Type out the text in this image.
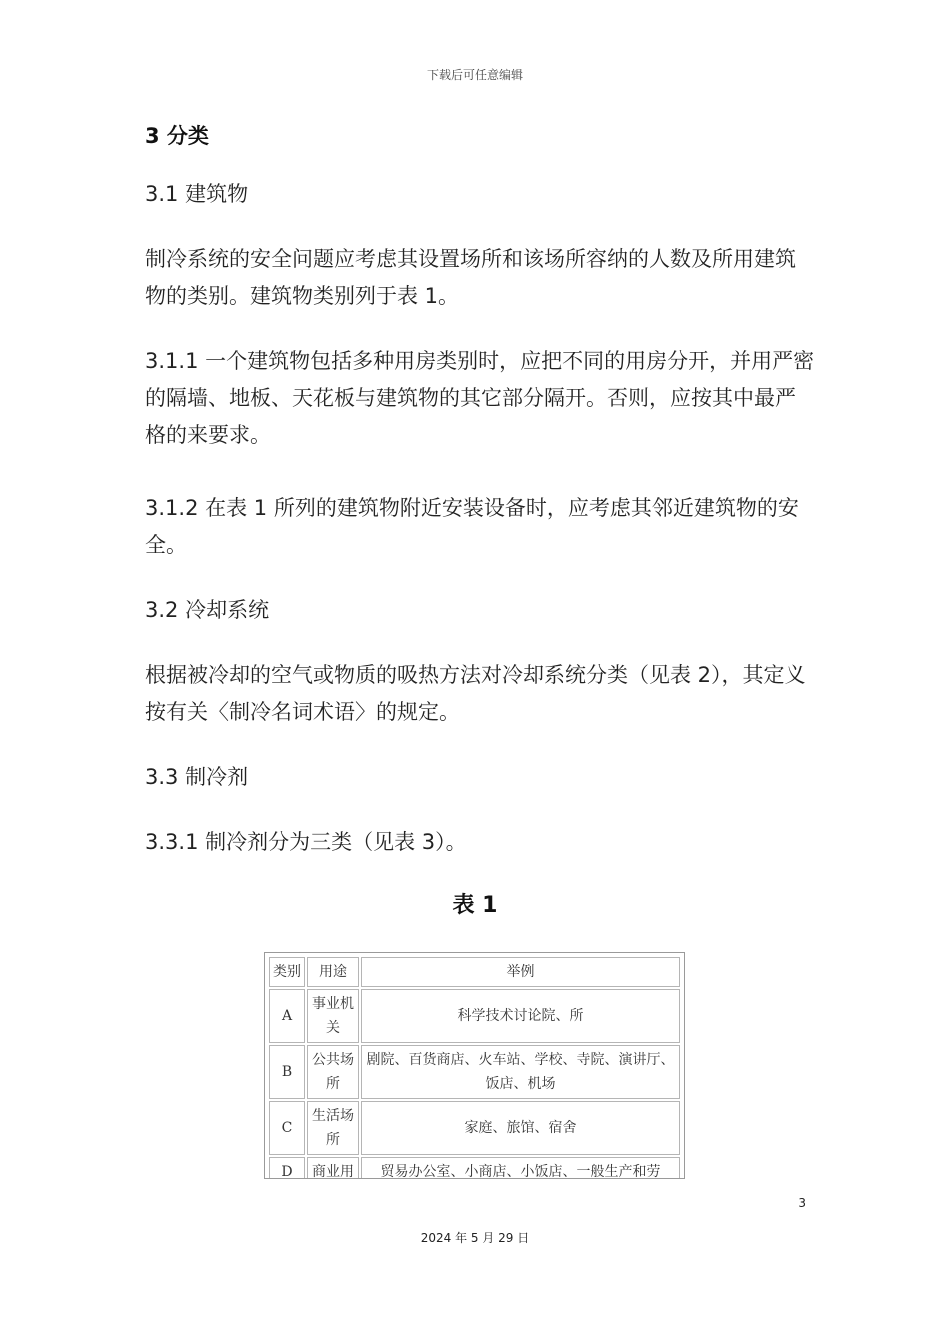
下载后可任意编辑
3 分类
3.1 建筑物
制冷系统的安全问题应考虑其设置场所和该场所容纳的人数及所用建筑物的类别。建筑物类别列于表 1。
3.1.1 一个建筑物包括多种用房类别时，应把不同的用房分开，并用严密的隔墙、地板、天花板与建筑物的其它部分隔开。否则，应按其中最严格的来要求。
3.1.2 在表 1 所列的建筑物附近安装设备时，应考虑其邻近建筑物的安全。
3.2 冷却系统
根据被冷却的空气或物质的吸热方法对冷却系统分类（见表 2），其定义按有关〈制冷名词术语〉的规定。
3.3 制冷剂
3.3.1 制冷剂分为三类（见表 3）。
表 1
类别	用途	举例
A	事业机关	科学技术讨论院、所
B	公共场所	剧院、百货商店、火车站、学校、寺院、演讲厅、饭店、机场
C	生活场所	家庭、旅馆、宿舍
D	商业用	贸易办公室、小商店、小饭店、一般生产和劳
3
2024 年 5 月 29 日
